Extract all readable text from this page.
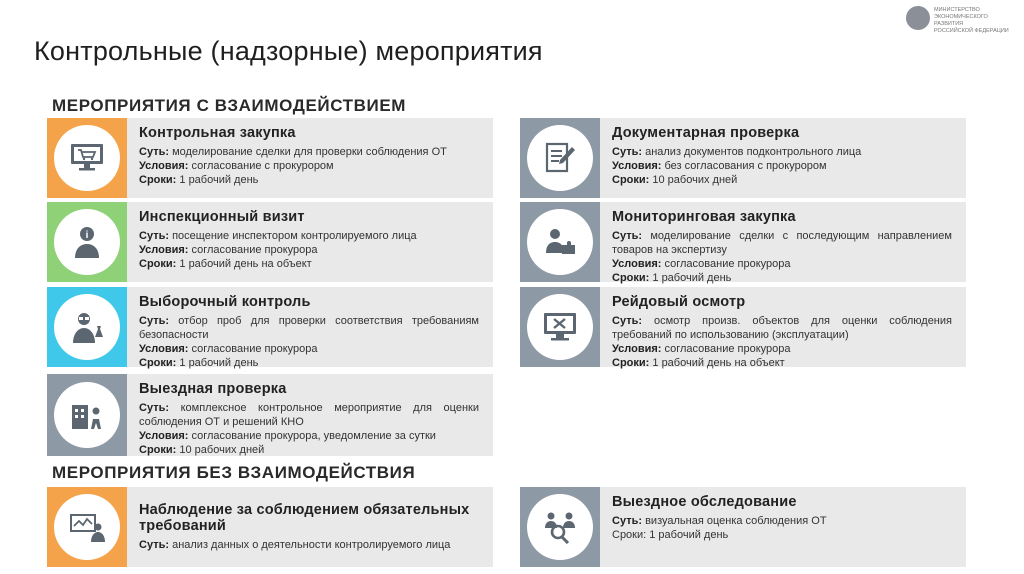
Контрольные (надзорные) мероприятия
МИНИСТЕРСТВО
ЭКОНОМИЧЕСКОГО РАЗВИТИЯ
РОССИЙСКОЙ ФЕДЕРАЦИИ
МЕРОПРИЯТИЯ С ВЗАИМОДЕЙСТВИЕМ
МЕРОПРИЯТИЯ БЕЗ ВЗАИМОДЕЙСТВИЯ
Контрольная закупка
Суть: моделирование сделки для проверки соблюдения ОТ
Условия: согласование с прокурором
Сроки: 1 рабочий день
Документарная проверка
Суть: анализ документов подконтрольного лица
Условия: без согласования с прокурором
Сроки: 10 рабочих дней
i
Инспекционный визит
Суть: посещение инспектором контролируемого лица
Условия: согласование прокурора
Сроки: 1 рабочий день на объект
Мониторинговая закупка
Суть: моделирование сделки с последующим направлением товаров на экспертизу
Условия: согласование прокурора
Сроки: 1 рабочий день
Выборочный контроль
Суть: отбор проб для проверки соответствия требованиям безопасности
Условия: согласование прокурора
Сроки: 1 рабочий день
Рейдовый осмотр
Суть: осмотр произв. объектов для оценки соблюдения требований по использованию (эксплуатации)
Условия: согласование прокурора
Сроки: 1 рабочий день на объект
Выездная проверка
Суть: комплексное контрольное мероприятие для оценки соблюдения ОТ и решений КНО
Условия: согласование прокурора, уведомление за сутки
Сроки: 10 рабочих дней
Наблюдение за соблюдением обязательных требований
Суть: анализ данных о деятельности контролируемого лица
Выездное обследование
Суть: визуальная оценка соблюдения ОТ
Сроки: 1 рабочий день
